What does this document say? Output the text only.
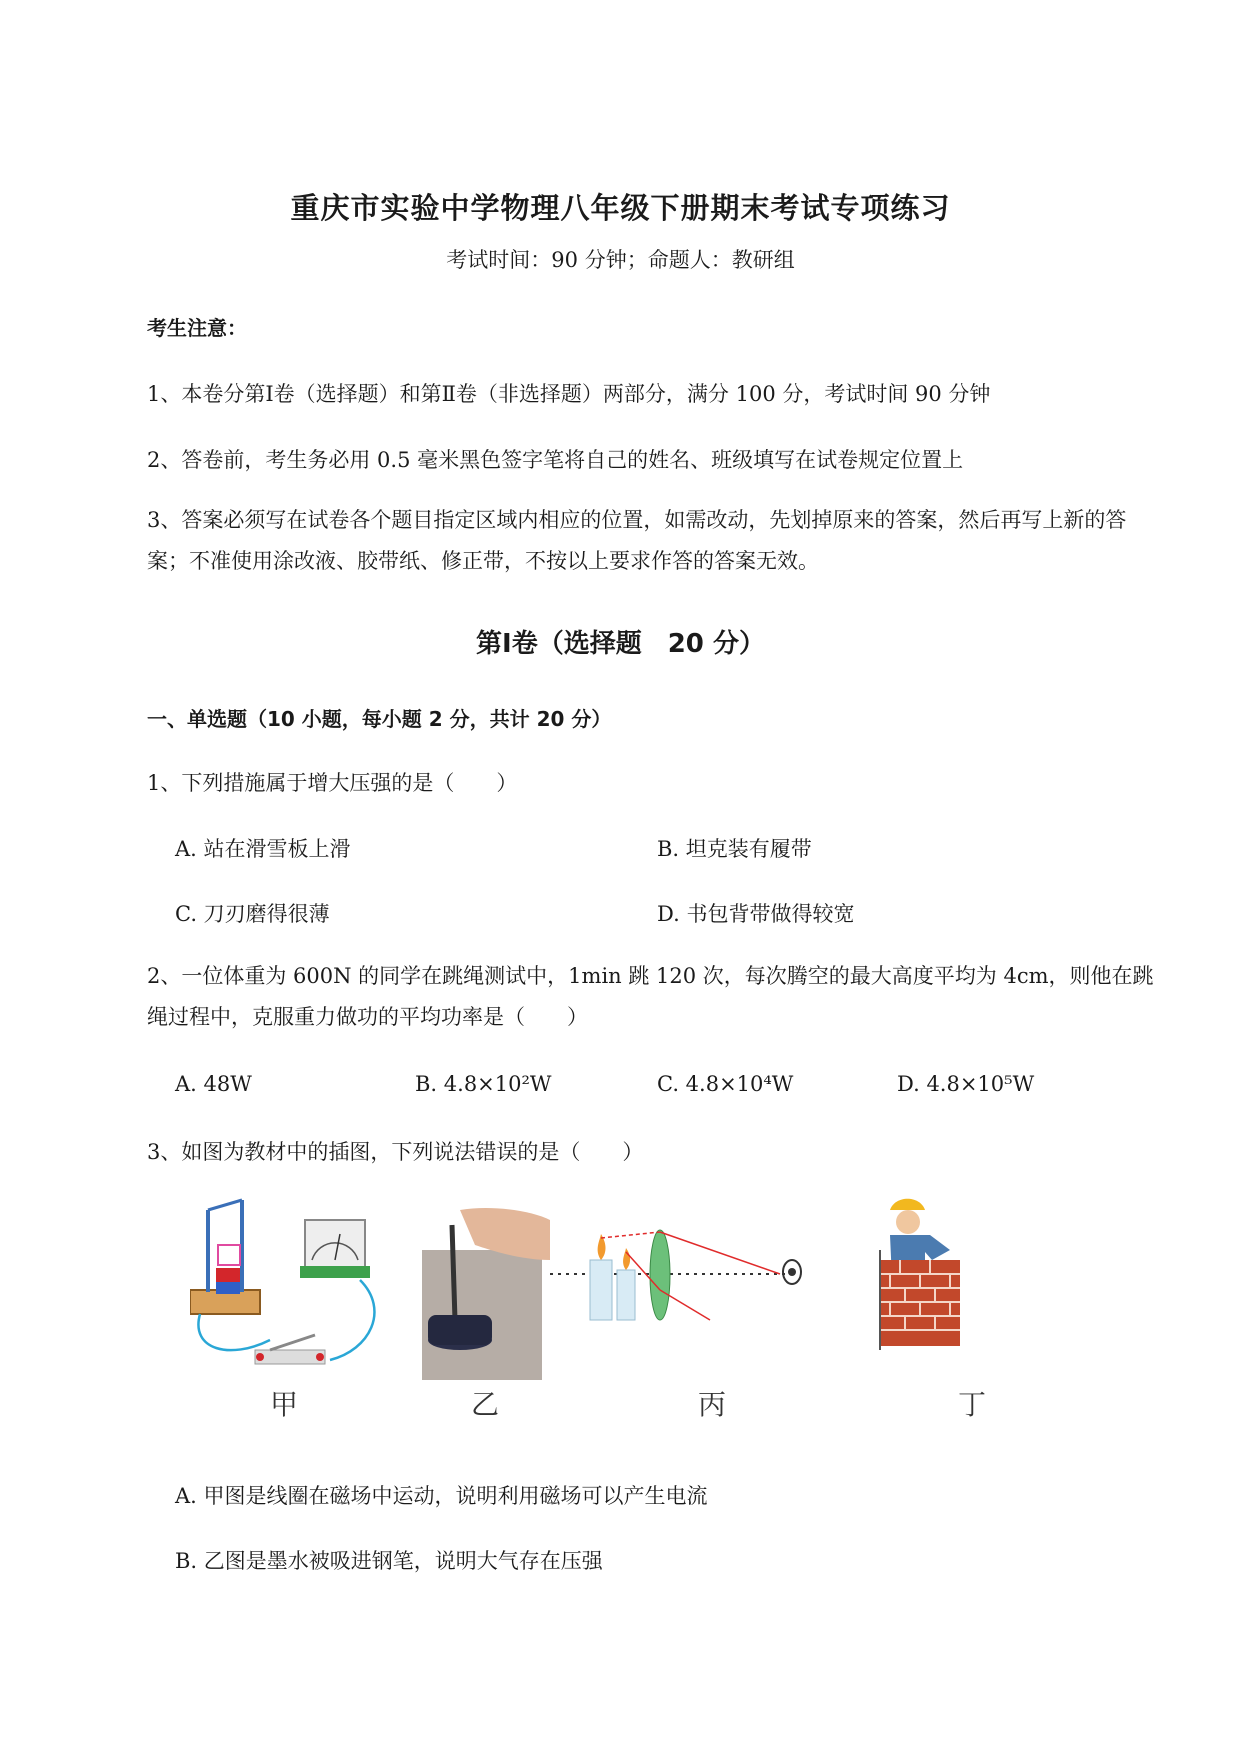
重庆市实验中学物理八年级下册期末考试专项练习
考试时间：90 分钟；命题人：教研组
考生注意：
1、本卷分第Ⅰ卷（选择题）和第Ⅱ卷（非选择题）两部分，满分 100 分，考试时间 90 分钟
2、答卷前，考生务必用 0.5 毫米黑色签字笔将自己的姓名、班级填写在试卷规定位置上
3、答案必须写在试卷各个题目指定区域内相应的位置，如需改动，先划掉原来的答案，然后再写上新的答案；不准使用涂改液、胶带纸、修正带，不按以上要求作答的答案无效。
第Ⅰ卷（选择题　20 分）
一、单选题（10 小题，每小题 2 分，共计 20 分）
1、下列措施属于增大压强的是（　　）
A. 站在滑雪板上滑	B. 坦克装有履带
C. 刀刃磨得很薄	D. 书包背带做得较宽
2、一位体重为 600N 的同学在跳绳测试中，1min 跳 120 次，每次腾空的最大高度平均为 4cm，则他在跳绳过程中，克服重力做功的平均功率是（　　）
A. 48W	B. 4.8×10²W	C. 4.8×10⁴W	D. 4.8×10⁵W
3、如图为教材中的插图，下列说法错误的是（　　）
甲	乙	丙	丁
A. 甲图是线圈在磁场中运动，说明利用磁场可以产生电流
B. 乙图是墨水被吸进钢笔，说明大气存在压强
